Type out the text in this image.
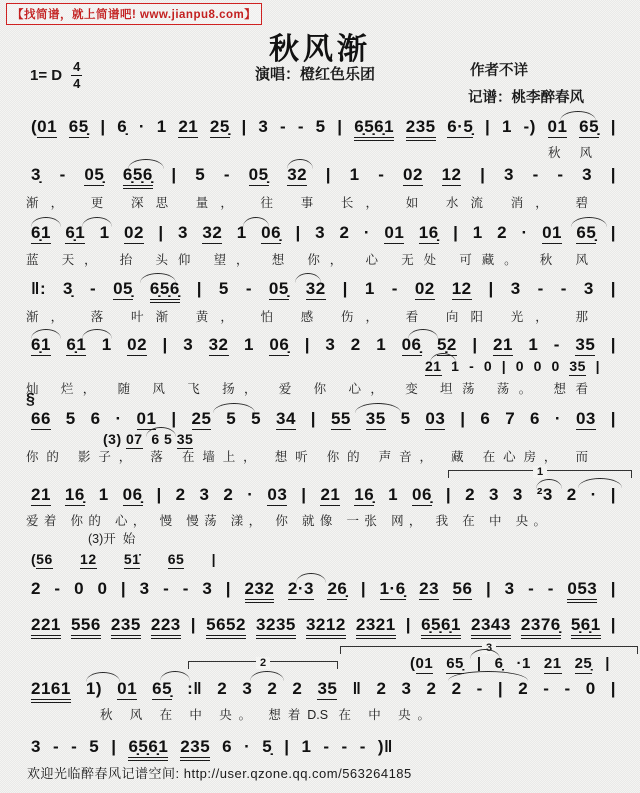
【找简谱，就上简谱吧! www.jianpu8.com】
秋风渐
1= D $\frac{4}{4}$	演唱：橙红色乐团	作者不详
记谱：桃李醉春风
(01 65̣ | 6̣ · 1 21 25̣ | 3 - - 5 | 6̣5̣6̣1 235 6·5̣ | 1 -) 01 65̣ |
秋 风
3̣ - 05̣ 6̣5̣6̣ | 5 - 05̣ 32 | 1 - 02 12 | 3 - - 3 |
渐， 更 深思 量， 往 事 长， 如 水流 消， 碧
6̣1 6̣1 1 02 | 3 32 1 06̣ | 3 2 · 01 16̣ | 1 2 · 01 65̣ |
蓝 天， 抬 头仰 望， 想 你， 心 无处 可藏。 秋 风
‖: 3̣ - 05̣ 6̣5̣6̣ | 5 - 05̣ 32 | 1 - 02 12 | 3 - - 3 |
渐， 落 叶渐 黄， 怕 感 伤， 看 向阳 光， 那
6̣1 6̣1 1 02 | 3 32 1 06̣ | 3 2 1 06̣ 5̣2 | 21 1 - 35 |
21 1 - 0 | 0 0 0 35 |
灿 烂， 随 风 飞 扬， 爱 你 心， 变 坦荡 荡。 想看
§
66 5 6 · 01 | 25 5 5 34 | 55 35 5 03 | 6 7 6 · 03 |
(3) 07  6 5 35
你的 影子， 落 在墙上， 想听 你的 声音， 藏 在心房， 而
$^1$
21 16̣ 1 06̣ | 2 3 2 · 03 | 21 16̣ 1 06̣ | 2 3 3 ²3 2 · |
爱着 你的 心， 慢 慢荡 漾， 你 就像 一张 网， 我 在 中 央。
(3)开  始
(56 12 51̇ 65 |
2 - 0 0 | 3 - - 3 | 232 2·3 26̣ | 1·6̣ 23 56 | 3 - - 053 |
221 556 235 223 | 5652 3235 3212 2321 | 6̣5̣6̣1 2343 2376̣ 5̣6̣1 |
$^3$
(01 65̣ | 6̣ ·1 21 25̣ |
$^2$
2161 1) 01 65̣ :‖ 2 3 2 2 35 ‖ 2 3 2 2 - | 2 - - 0 |
秋 风 在 中 央。 想着D.S 在 中 央。
3 - - 5 | 6̣5̣6̣1 235 6 · 5̣ | 1 - - - )‖
欢迎光临醉春风记谱空间: http://user.qzone.qq.com/563264185
